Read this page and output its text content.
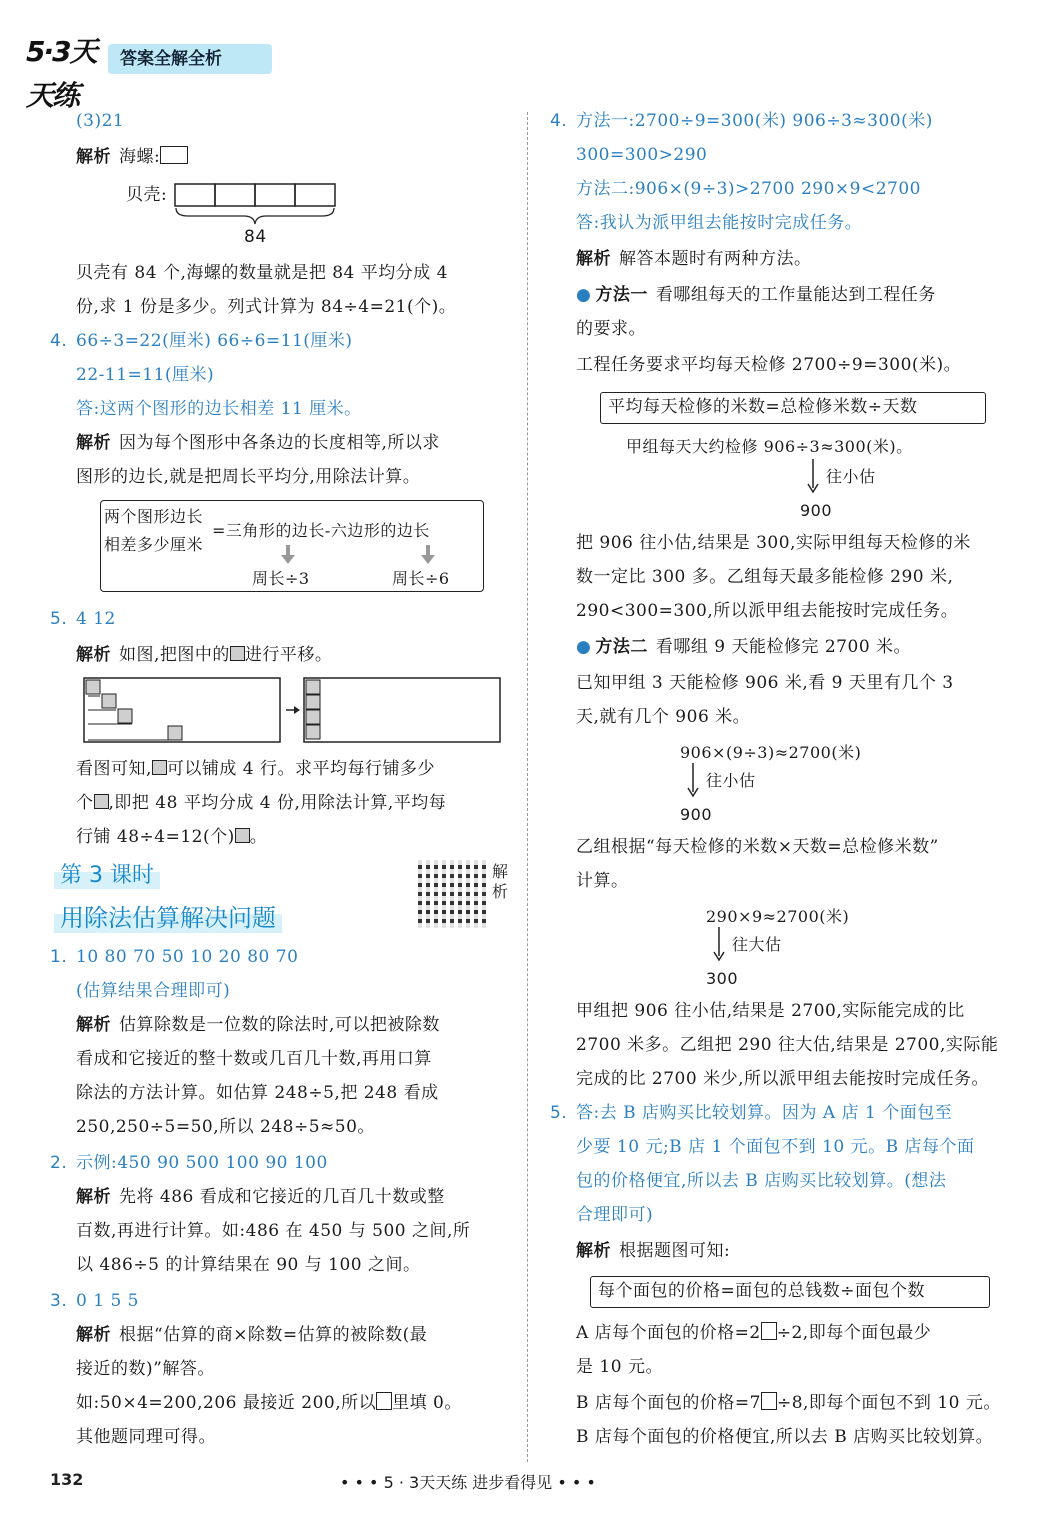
5·3天天练
答案全解全析
(3)21
解析 海螺:
贝壳:
84
贝壳有 84 个,海螺的数量就是把 84 平均分成 4
份,求 1 份是多少。列式计算为 84÷4=21(个)。
4. 66÷3=22(厘米) 66÷6=11(厘米)
22-11=11(厘米)
答:这两个图形的边长相差 11 厘米。
解析 因为每个图形中各条边的长度相等,所以求
图形的边长,就是把周长平均分,用除法计算。
两个图形边长
相差多少厘米
=三角形的边长-六边形的边长
周长÷3	周长÷6
5. 4 12
解析 如图,把图中的 进行平移。
看图可知, 可以铺成 4 行。求平均每行铺多少
个 ,即把 48 平均分成 4 份,用除法计算,平均每
行铺 48÷4=12(个) 。
第 3 课时
用除法估算解决问题
解析
1. 10 80 70 50 10 20 80 70
(估算结果合理即可)
解析 估算除数是一位数的除法时,可以把被除数
看成和它接近的整十数或几百几十数,再用口算
除法的方法计算。如估算 248÷5,把 248 看成
250,250÷5=50,所以 248÷5≈50。
2. 示例:450 90 500 100 90 100
解析 先将 486 看成和它接近的几百几十数或整
百数,再进行计算。如:486 在 450 与 500 之间,所
以 486÷5 的计算结果在 90 与 100 之间。
3. 0 1 5 5
解析 根据“估算的商×除数=估算的被除数(最
接近的数)”解答。
如:50×4=200,206 最接近 200,所以 里填 0。
其他题同理可得。
4. 方法一:2700÷9=300(米) 906÷3≈300(米)
300=300>290
方法二:906×(9÷3)>2700 290×9<2700
答:我认为派甲组去能按时完成任务。
解析 解答本题时有两种方法。
● 方法一 看哪组每天的工作量能达到工程任务
的要求。
工程任务要求平均每天检修 2700÷9=300(米)。
平均每天检修的米数=总检修米数÷天数
甲组每天大约检修 906÷3≈300(米)。
往小估
900
把 906 往小估,结果是 300,实际甲组每天检修的米
数一定比 300 多。乙组每天最多能检修 290 米,
290<300=300,所以派甲组去能按时完成任务。
● 方法二 看哪组 9 天能检修完 2700 米。
已知甲组 3 天能检修 906 米,看 9 天里有几个 3
天,就有几个 906 米。
906×(9÷3)≈2700(米)
往小估
900
乙组根据“每天检修的米数×天数=总检修米数”
计算。
290×9≈2700(米)
往大估
300
甲组把 906 往小估,结果是 2700,实际能完成的比
2700 米多。乙组把 290 往大估,结果是 2700,实际能
完成的比 2700 米少,所以派甲组去能按时完成任务。
5. 答:去 B 店购买比较划算。因为 A 店 1 个面包至
少要 10 元;B 店 1 个面包不到 10 元。B 店每个面
包的价格便宜,所以去 B 店购买比较划算。(想法
合理即可)
解析 根据题图可知:
每个面包的价格=面包的总钱数÷面包个数
A 店每个面包的价格=2 ÷2,即每个面包最少
是 10 元。
B 店每个面包的价格=7 ÷8,即每个面包不到 10 元。
B 店每个面包的价格便宜,所以去 B 店购买比较划算。
132	• • • 5 · 3天天练 进步看得见 • • •
